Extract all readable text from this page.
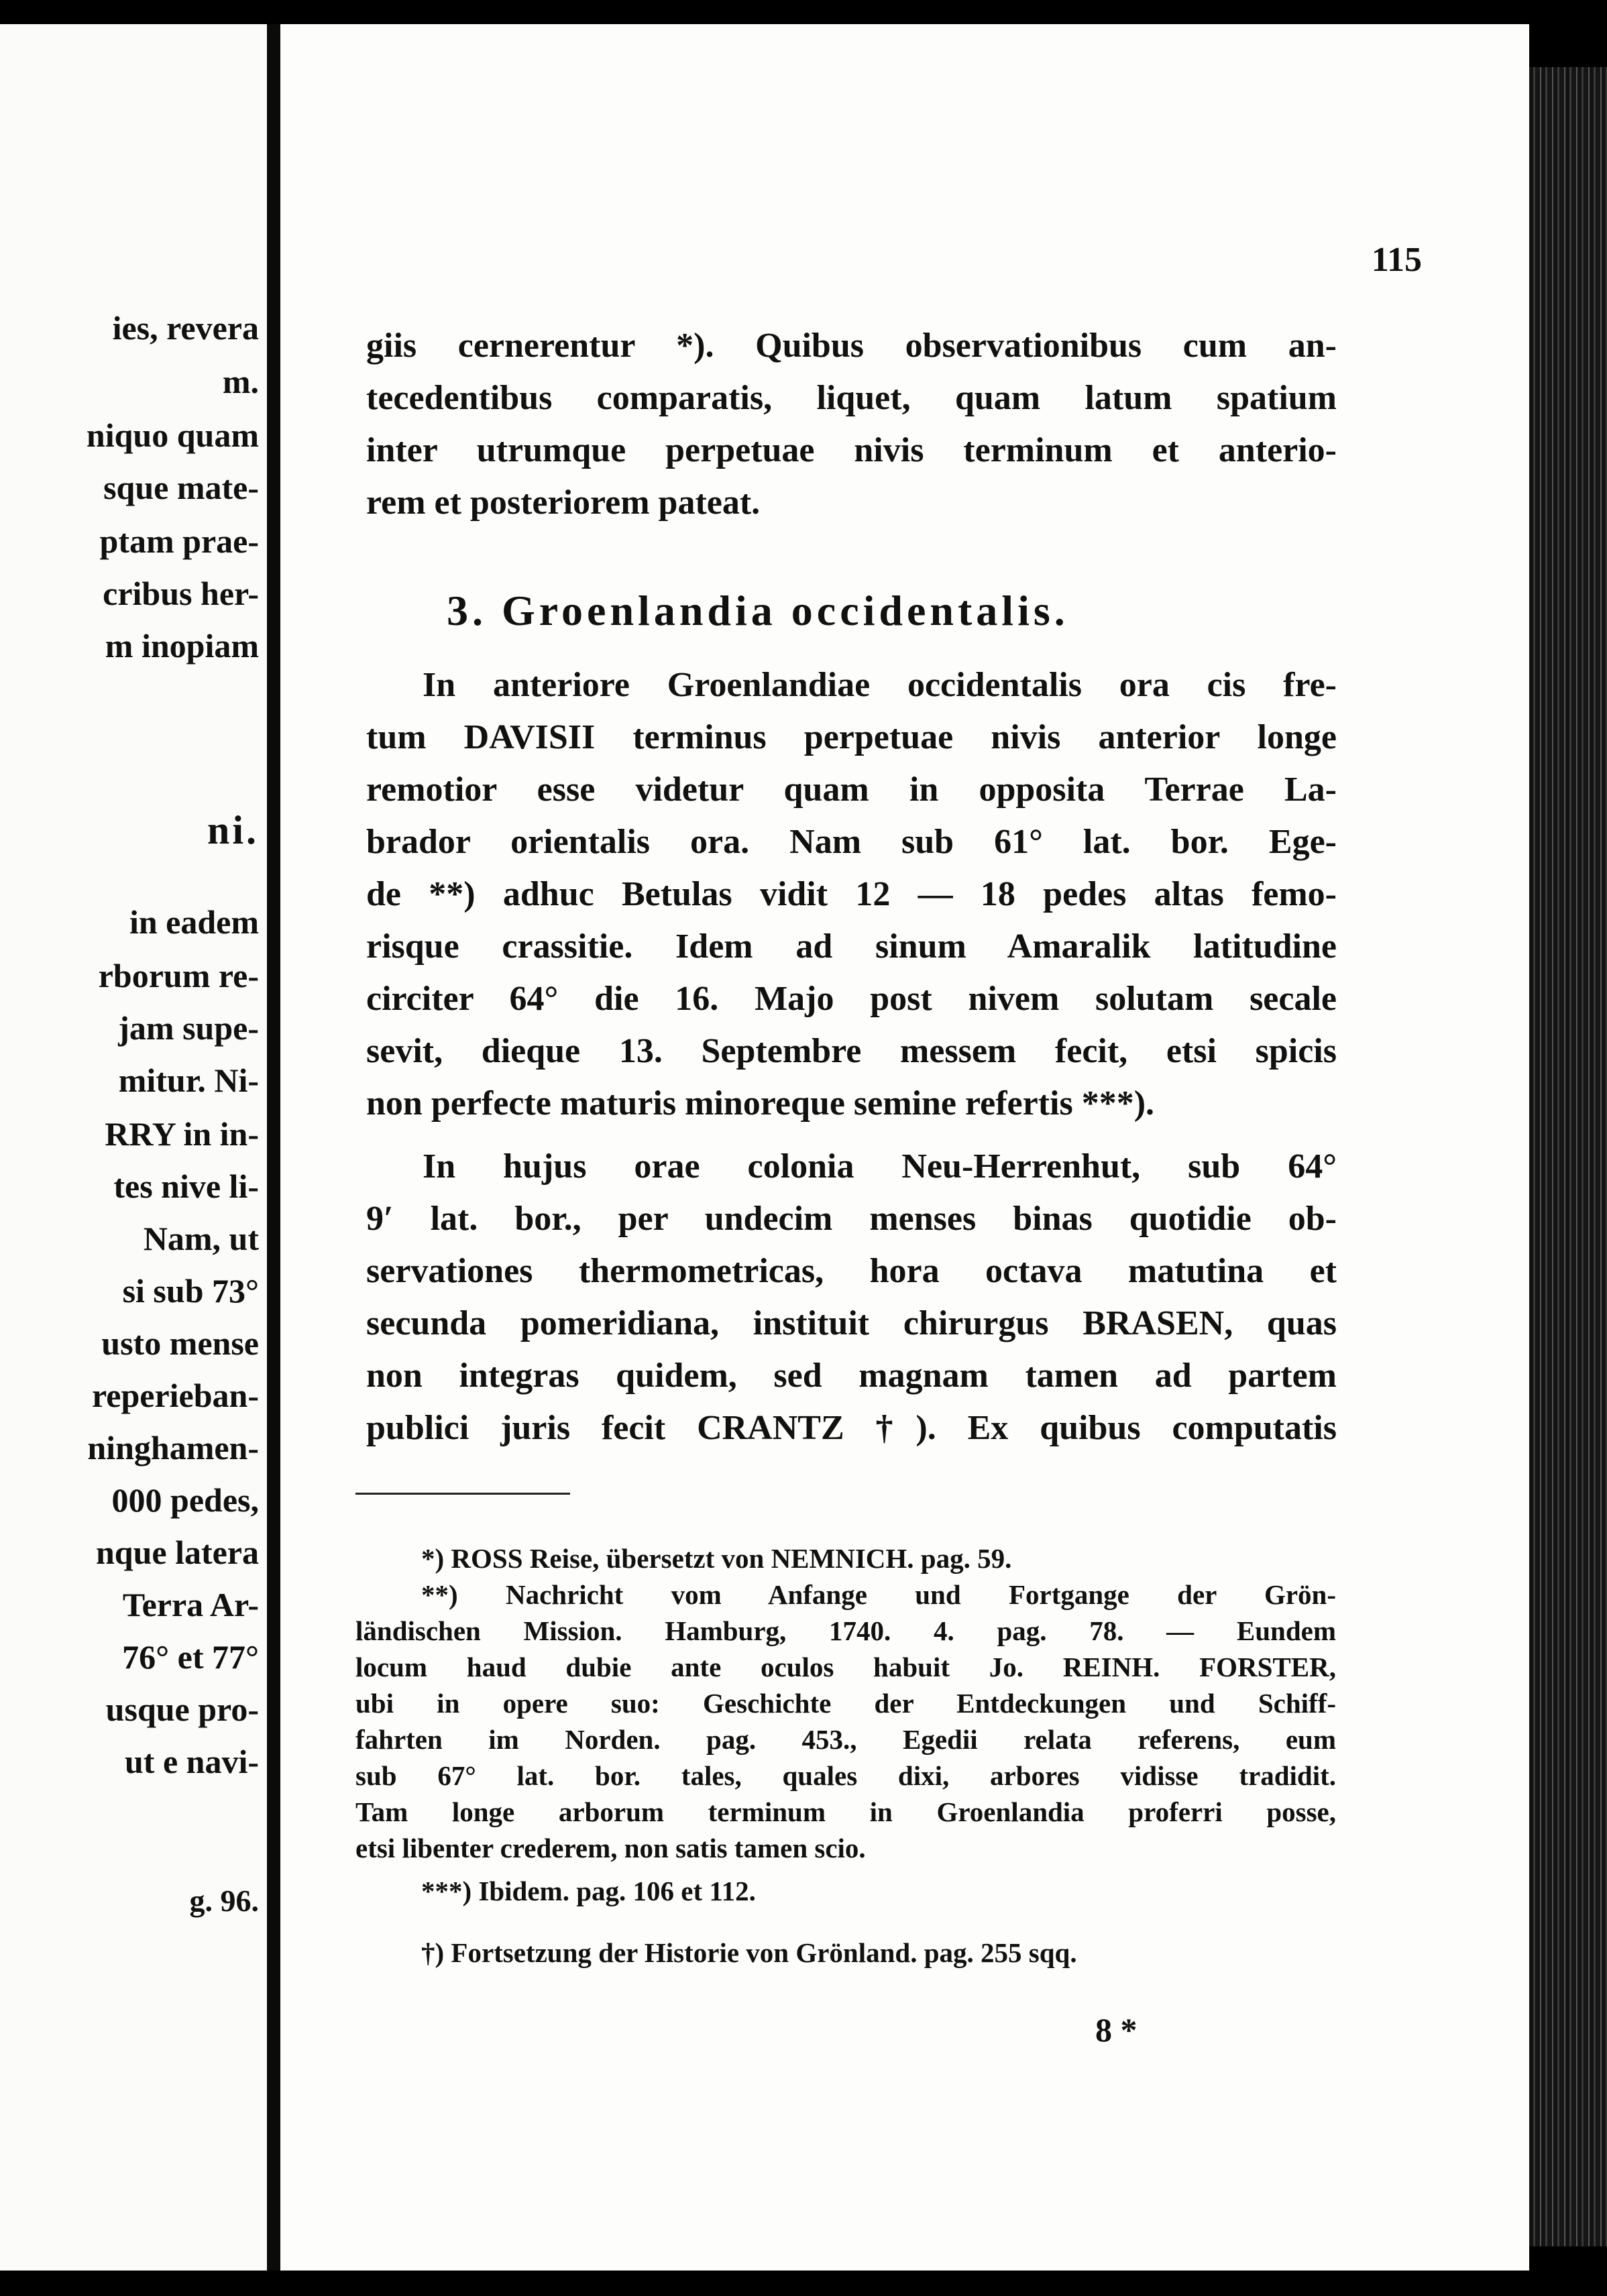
ies, revera
m.
niquo quam
sque mate-
ptam prae-
cribus her-
m inopiam
ni.
in eadem
rborum re-
jam supe-
mitur. Ni-
RRY in in-
tes nive li-
Nam, ut
si sub 73°
usto mense
reperieban-
ninghamen-
000 pedes,
nque latera
Terra Ar-
76° et 77°
usque pro-
ut e navi-
g. 96.
115
giis cernerentur *). Quibus observationibus cum an-
tecedentibus comparatis, liquet, quam latum spatium
inter utrumque perpetuae nivis terminum et anterio-
rem et posteriorem pateat.
3. Groenlandia occidentalis.
In anteriore Groenlandiae occidentalis ora cis fre-
tum DAVISII terminus perpetuae nivis anterior longe
remotior esse videtur quam in opposita Terrae La-
brador orientalis ora. Nam sub 61° lat. bor. Ege-
de **) adhuc Betulas vidit 12 — 18 pedes altas femo-
risque crassitie. Idem ad sinum Amaralik latitudine
circiter 64° die 16. Majo post nivem solutam secale
sevit, dieque 13. Septembre messem fecit, etsi spicis
non perfecte maturis minoreque semine refertis ***).
In hujus orae colonia Neu-Herrenhut, sub 64°
9′ lat. bor., per undecim menses binas quotidie ob-
servationes thermometricas, hora octava matutina et
secunda pomeridiana, instituit chirurgus BRASEN, quas
non integras quidem, sed magnam tamen ad partem
publici juris fecit CRANTZ †). Ex quibus computatis
*) ROSS Reise, übersetzt von NEMNICH. pag. 59.
**) Nachricht vom Anfange und Fortgange der Grön-
ländischen Mission. Hamburg, 1740. 4. pag. 78. — Eundem
locum haud dubie ante oculos habuit Jo. REINH. FORSTER,
ubi in opere suo: Geschichte der Entdeckungen und Schiff-
fahrten im Norden. pag. 453., Egedii relata referens, eum
sub 67° lat. bor. tales, quales dixi, arbores vidisse tradidit.
Tam longe arborum terminum in Groenlandia proferri posse,
etsi libenter crederem, non satis tamen scio.
***) Ibidem. pag. 106 et 112.
†) Fortsetzung der Historie von Grönland. pag. 255 sqq.
8 *
